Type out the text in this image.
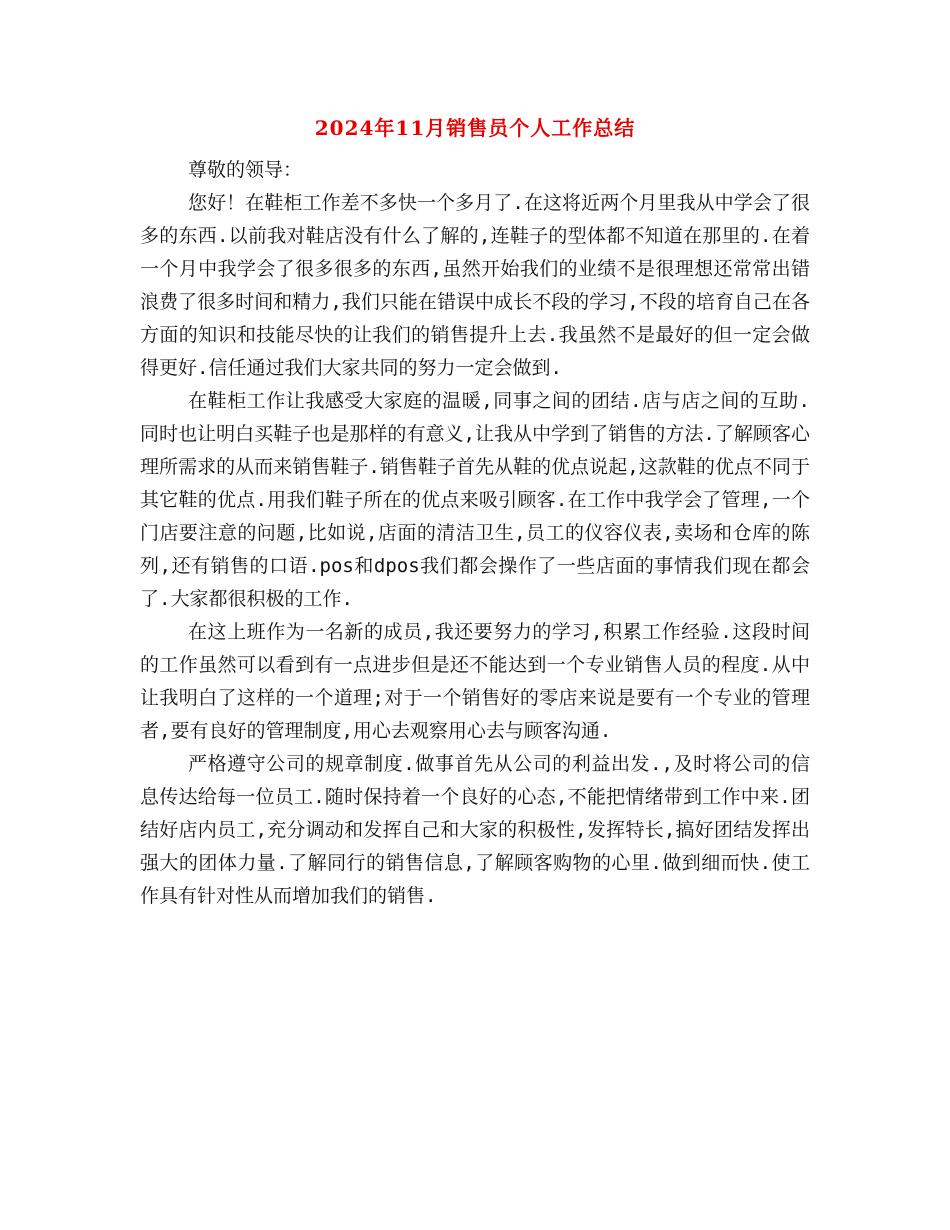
2024年11月销售员个人工作总结

尊敬的领导：

您好！在鞋柜工作差不多快一个多月了.在这将近两个月里我从中学会了很多的东西.以前我对鞋店没有什么了解的,连鞋子的型体都不知道在那里的.在着一个月中我学会了很多很多的东西,虽然开始我们的业绩不是很理想还常常出错浪费了很多时间和精力,我们只能在错误中成长不段的学习,不段的培育自己在各方面的知识和技能尽快的让我们的销售提升上去.我虽然不是最好的但一定会做得更好.信任通过我们大家共同的努力一定会做到.

在鞋柜工作让我感受大家庭的温暖,同事之间的团结.店与店之间的互助.同时也让明白买鞋子也是那样的有意义,让我从中学到了销售的方法.了解顾客心理所需求的从而来销售鞋子.销售鞋子首先从鞋的优点说起,这款鞋的优点不同于其它鞋的优点.用我们鞋子所在的优点来吸引顾客.在工作中我学会了管理,一个门店要注意的问题,比如说,店面的清洁卫生,员工的仪容仪表,卖场和仓库的陈列,还有销售的口语.pos和dpos我们都会操作了一些店面的事情我们现在都会了.大家都很积极的工作.

在这上班作为一名新的成员,我还要努力的学习,积累工作经验.这段时间的工作虽然可以看到有一点进步但是还不能达到一个专业销售人员的程度.从中让我明白了这样的一个道理;对于一个销售好的零店来说是要有一个专业的管理者,要有良好的管理制度,用心去观察用心去与顾客沟通.

严格遵守公司的规章制度.做事首先从公司的利益出发.,及时将公司的信息传达给每一位员工.随时保持着一个良好的心态,不能把情绪带到工作中来.团结好店内员工,充分调动和发挥自己和大家的积极性,发挥特长,搞好团结发挥出强大的团体力量.了解同行的销售信息,了解顾客购物的心里.做到细而快.使工作具有针对性从而增加我们的销售.
